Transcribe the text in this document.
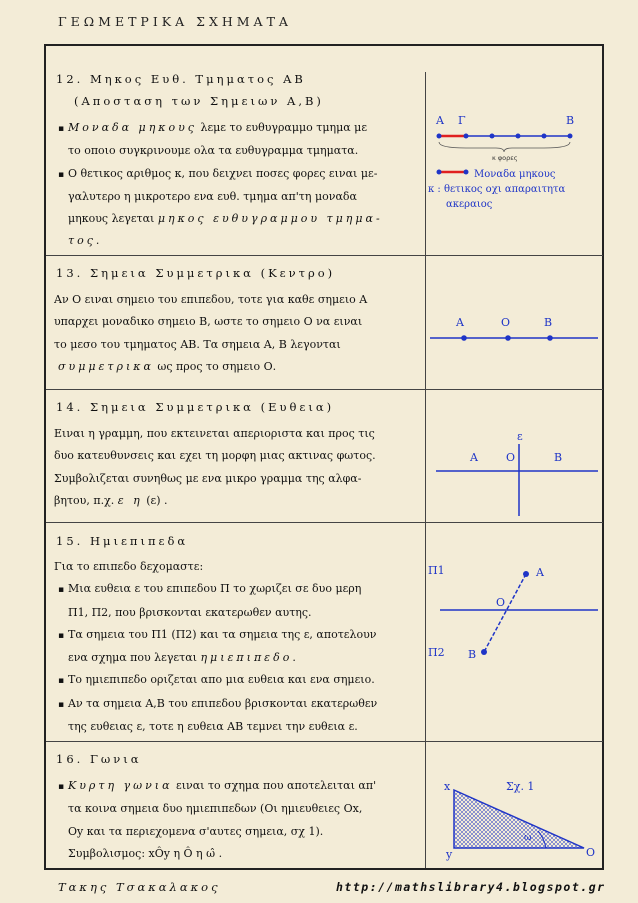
ΓΕΩΜΕΤΡΙΚΑ ΣΧΗΜΑΤΑ
12. Μηκος Ευθ. Τμηματος ΑΒ
(Αποσταση των Σημειων Α,Β)

▪ Μοναδα μηκους λεμε το ευθυγραμμο τμημα με

το οποιο συγκρινουμε ολα τα ευθυγραμμα τμηματα.

▪ Ο θετικος αριθμος κ, που δειχνει ποσες φορες ειναι με-

γαλυτερο η μικροτερο ενα ευθ. τμημα απ'τη μοναδα

μηκους λεγεται μηκος ευθυγραμμου τμημα-

τος.

Α Γ	Β
κ φορες
Μοναδα μηκους
κ : θετικος οχι απαραιτητα
ακεραιος
13. Σημεια Συμμετρικα (Κεντρο)

Αν Ο ειναι σημειο του επιπεδου, τοτε για καθε σημειο Α

υπαρχει μοναδικο σημειο Β, ωστε το σημειο Ο να ειναι

το μεσο του τμηματος ΑΒ. Τα σημεια Α, Β λεγονται

συμμετρικα ως προς το σημειο Ο.

Α	Ο	Β
14. Σημεια Συμμετρικα (Ευθεια)

Ειναι η γραμμη, που εκτεινεται απεριοριστα και προς τις

δυο κατευθυνσεις και εχει τη μορφη μιας ακτινας φωτος.

Συμβολιζεται συνηθως με ενα μικρο γραμμα της αλφα-

βητου, π.χ. ε η (ε) .

ε
Α	Ο	Β
15. Ημιεπιπεδα

Για το επιπεδο δεχομαστε:

▪ Μια ευθεια ε του επιπεδου Π το χωριζει σε δυο μερη

Π1, Π2, που βρισκονται εκατερωθεν αυτης.

▪ Τα σημεια του Π1 (Π2) και τα σημεια της ε, αποτελουν

ενα σχημα που λεγεται ημιεπιπεδο.

▪ Το ημιεπιπεδο οριζεται απο μια ευθεια και ενα σημειο.

▪ Αν τα σημεια Α,Β του επιπεδου βρισκονται εκατερωθεν

της ευθειας ε, τοτε η ευθεια ΑΒ τεμνει την ευθεια ε.

Π1
Π2
Α
Ο
Β
16. Γωνια

▪ Κυρτη γωνια ειναι το σχημα που αποτελειται απ'

τα κοινα σημεια δυο ημιεπιπεδων (Οι ημιευθειες Οx,

Οy και τα περιεχομενα σ'αυτες σημεια, σχ 1).

Συμβολισμος: xÔy η Ô η ω̂ .

x
y	O
Σχ. 1
ω
Τακης Τσακαλακος	http://mathslibrary4.blogspot.gr
